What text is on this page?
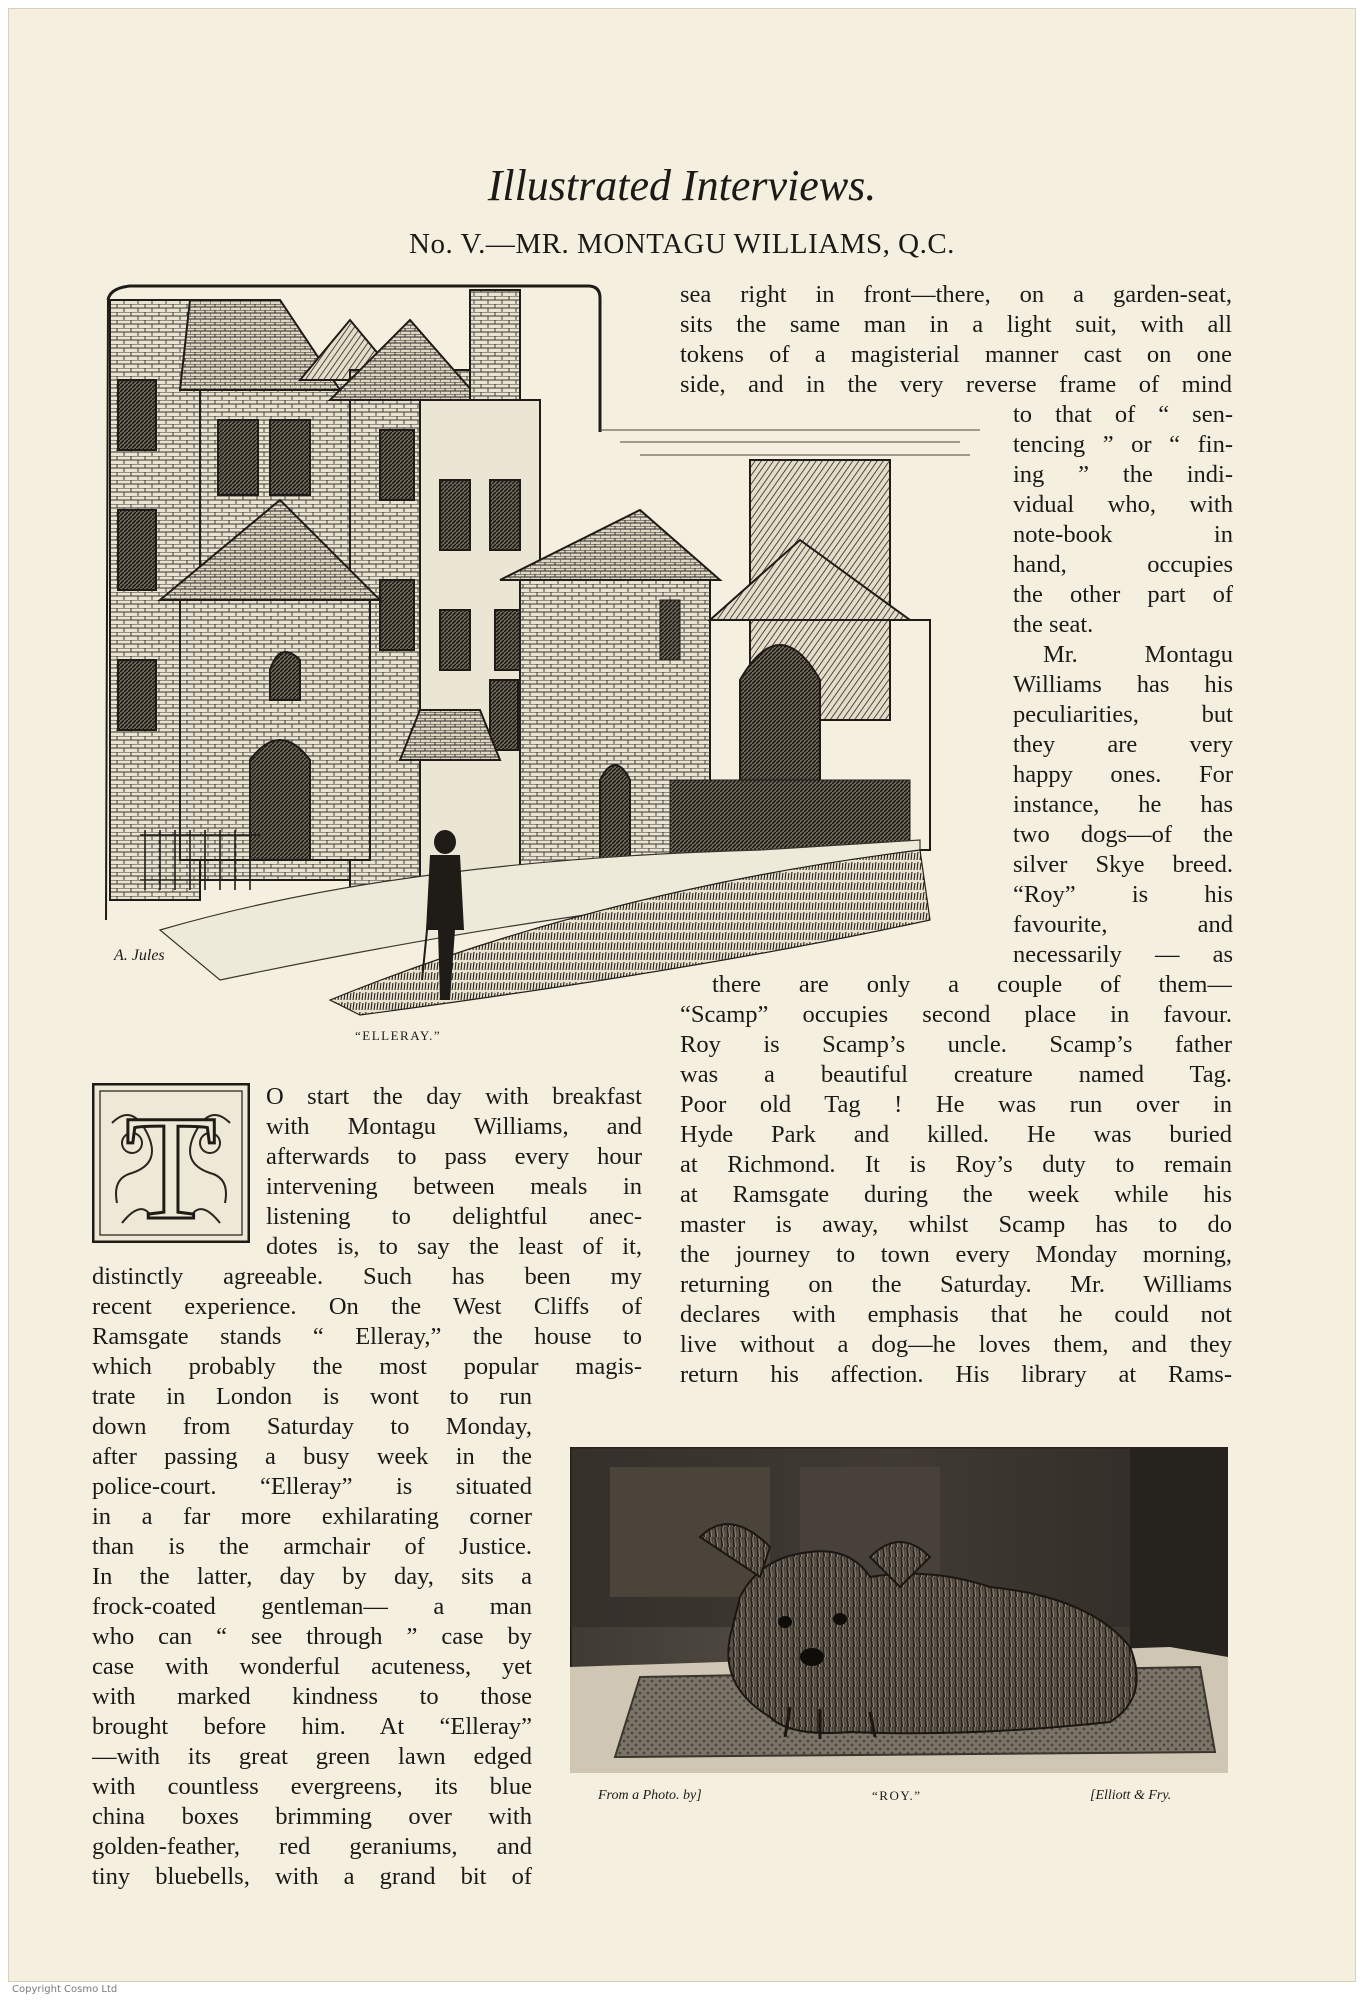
Illustrated Interviews.
No. V.—MR. MONTAGU WILLIAMS, Q.C.
A. Jules
“ELLERAY.”
T O start the day with breakfast
with Montagu Williams, and
afterwards to pass every hour
intervening between meals in
listening to delightful anec-
dotes is, to say the least of it,
distinctly agreeable. Such has been my
recent experience. On the West Cliffs of
Ramsgate stands “ Elleray,” the house to
which probably the most popular magis-
trate in London is wont to run
down from Saturday to Monday,
after passing a busy week in the
police-court. “Elleray” is situated
in a far more exhilarating corner
than is the armchair of Justice.
In the latter, day by day, sits a
frock-coated gentleman— a man
who can “ see through ” case by
case with wonderful acuteness, yet
with marked kindness to those
brought before him. At “Elleray”
—with its great green lawn edged
with countless evergreens, its blue
china boxes brimming over with
golden-feather, red geraniums, and
tiny bluebells, with a grand bit of
sea right in front—there, on a garden-seat,
sits the same man in a light suit, with all
tokens of a magisterial manner cast on one
side, and in the very reverse frame of mind
to that of “ sen-
tencing ” or “ fin-
ing ” the indi-
vidual who, with
note-book in
hand, occupies
the other part of
the seat.
Mr. Montagu
Williams has his
peculiarities, but
they are very
happy ones. For
instance, he has
two dogs—of the
silver Skye breed.
“Roy” is his
favourite, and
necessarily — as
there are only a couple of them—
“Scamp” occupies second place in favour.
Roy is Scamp’s uncle. Scamp’s father
was a beautiful creature named Tag.
Poor old Tag ! He was run over in
Hyde Park and killed. He was buried
at Richmond. It is Roy’s duty to remain
at Ramsgate during the week while his
master is away, whilst Scamp has to do
the journey to town every Monday morning,
returning on the Saturday. Mr. Williams
declares with emphasis that he could not
live without a dog—he loves them, and they
return his affection. His library at Rams-
From a Photo. by]	“ROY.”	[Elliott & Fry.
Copyright Cosmo Ltd
